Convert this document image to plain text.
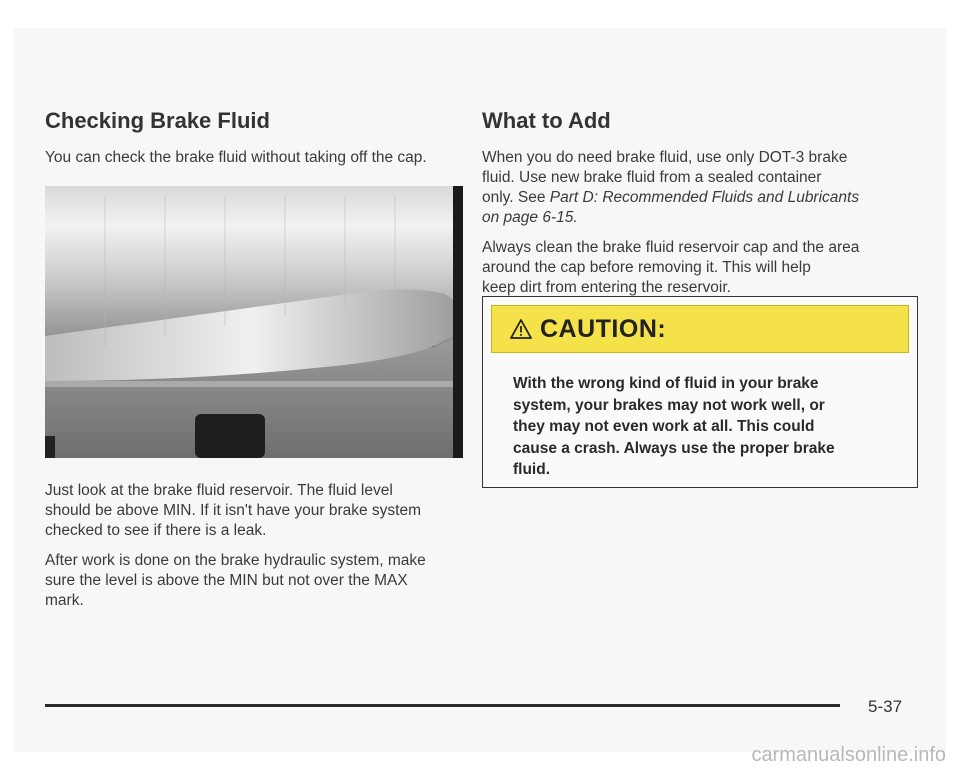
Checking Brake Fluid

You can check the brake fluid without taking off the cap.

Just look at the brake fluid reservoir. The fluid level
should be above MIN. If it isn't have your brake system
checked to see if there is a leak.

After work is done on the brake hydraulic system, make
sure the level is above the MIN but not over the MAX
mark.

What to Add

When you do need brake fluid, use only DOT-3 brake
fluid. Use new brake fluid from a sealed container
only. See Part D: Recommended Fluids and Lubricants
on page 6-15.

Always clean the brake fluid reservoir cap and the area
around the cap before removing it. This will help
keep dirt from entering the reservoir.

CAUTION:
With the wrong kind of fluid in your brake
system, your brakes may not work well, or
they may not even work at all. This could
cause a crash. Always use the proper brake
fluid.
5-37
carmanualsonline.info
